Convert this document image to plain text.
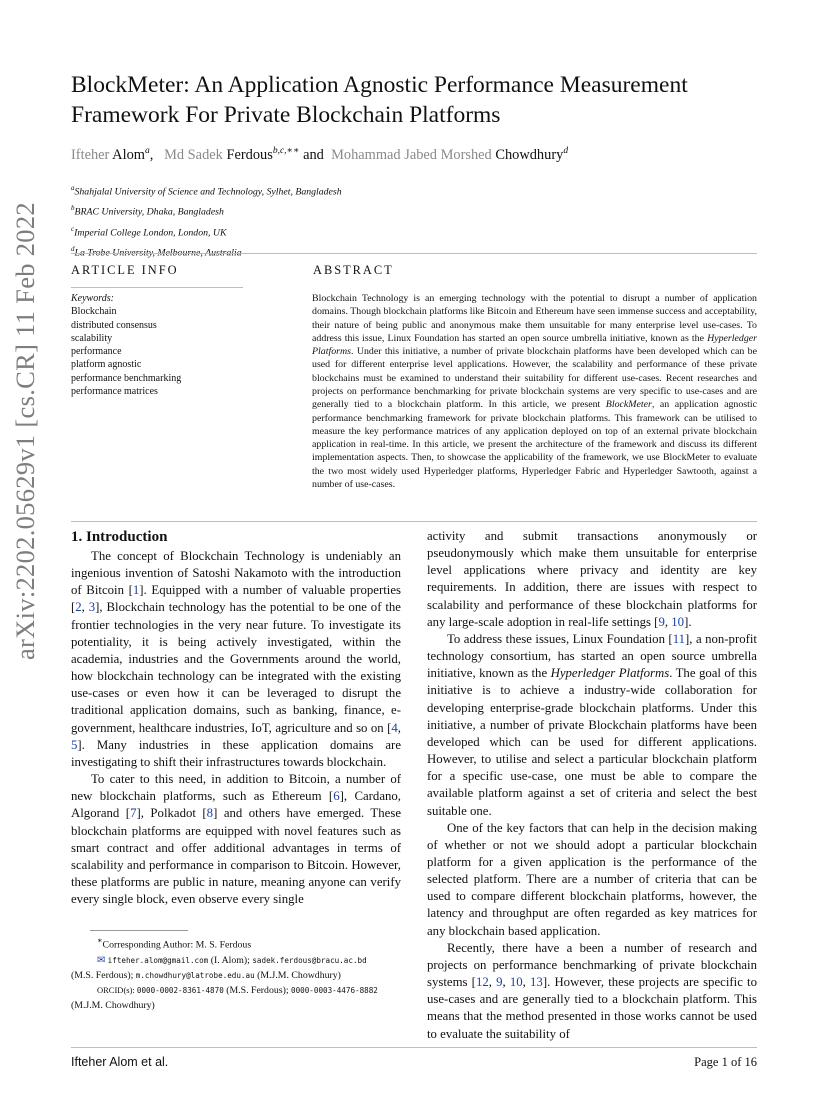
BlockMeter: An Application Agnostic Performance Measurement Framework For Private Blockchain Platforms
Ifteher Alom$^a$,   Md Sadek Ferdous$^{b,c,∗∗}$ and Mohammad Jabed Morshed Chowdhury$^d$
$^a$Shahjalal University of Science and Technology, Sylhet, Bangladesh
$^b$BRAC University, Dhaka, Bangladesh
$^c$Imperial College London, London, UK
$^d$La Trobe University, Melbourne, Australia
ARTICLE INFO	ABSTRACT
Keywords:
Blockchain
distributed consensus
scalability
performance
platform agnostic
performance benchmarking
performance matrices
Blockchain Technology is an emerging technology with the potential to disrupt a number of application domains. Though blockchain platforms like Bitcoin and Ethereum have seen immense success and acceptability, their nature of being public and anonymous make them unsuitable for many enterprise level use-cases. To address this issue, Linux Foundation has started an open source umbrella initiative, known as the Hyperledger Platforms. Under this initiative, a number of private blockchain platforms have been developed which can be used for different enterprise level applications. However, the scalability and performance of these private blockchains must be examined to understand their suitability for different use-cases. Recent researches and projects on performance benchmarking for private blockchain systems are very specific to use-cases and are generally tied to a blockchain platform. In this article, we present BlockMeter, an application agnostic performance benchmarking framework for private blockchain platforms. This framework can be utilised to measure the key performance matrices of any application deployed on top of an external private blockchain application in real-time. In this article, we present the architecture of the framework and discuss its different implementation aspects. Then, to showcase the applicability of the framework, we use BlockMeter to evaluate the two most widely used Hyperledger platforms, Hyperledger Fabric and Hyperledger Sawtooth, against a number of use-cases.
arXiv:2202.05629v1 [cs.CR] 11 Feb 2022 1. Introduction

The concept of Blockchain Technology is undeniably an ingenious invention of Satoshi Nakamoto with the introduction of Bitcoin [1]. Equipped with a number of valuable properties [2, 3], Blockchain technology has the potential to be one of the frontier technologies in the very near future. To investigate its potentiality, it is being actively investigated, within the academia, industries and the Governments around the world, how blockchain technology can be integrated with the existing use-cases or even how it can be leveraged to disrupt the traditional application domains, such as banking, finance, e-government, healthcare industries, IoT, agriculture and so on [4, 5]. Many industries in these application domains are investigating to shift their infrastructures towards blockchain.

To cater to this need, in addition to Bitcoin, a number of new blockchain platforms, such as Ethereum [6], Cardano, Algorand [7], Polkadot [8] and others have emerged. These blockchain platforms are equipped with novel features such as smart contract and offer additional advantages in terms of scalability and performance in comparison to Bitcoin. However, these platforms are public in nature, meaning anyone can verify every single block, even observe every single

∗Corresponding Author: M. S. Ferdous
✉ ifteher.alom@gmail.com (I. Alom); sadek.ferdous@bracu.ac.bd
(M.S. Ferdous); m.chowdhury@latrobe.edu.au (M.J.M. Chowdhury)
ORCID(s): 0000-0002-8361-4870 (M.S. Ferdous); 0000-0003-4476-8882
(M.J.M. Chowdhury)

activity and submit transactions anonymously or pseudonymously which make them unsuitable for enterprise level applications where privacy and identity are key requirements. In addition, there are issues with respect to scalability and performance of these blockchain platforms for any large-scale adoption in real-life settings [9, 10].

To address these issues, Linux Foundation [11], a non-profit technology consortium, has started an open source umbrella initiative, known as the Hyperledger Platforms. The goal of this initiative is to achieve a industry-wide collaboration for developing enterprise-grade blockchain platforms. Under this initiative, a number of private Blockchain platforms have been developed which can be used for different applications. However, to utilise and select a particular blockchain platform for a specific use-case, one must be able to compare the available platform against a set of criteria and select the best suitable one.

One of the key factors that can help in the decision making of whether or not we should adopt a particular blockchain platform for a given application is the performance of the selected platform. There are a number of criteria that can be used to compare different blockchain platforms, however, the latency and throughput are often regarded as key matrices for any blockchain based application.

Recently, there have a been a number of research and projects on performance benchmarking of private blockchain systems [12, 9, 10, 13]. However, these projects are specific to use-cases and are generally tied to a blockchain platform. This means that the method presented in those works cannot be used to evaluate the suitability of

Ifteher Alom et al.	Page 1 of 16
